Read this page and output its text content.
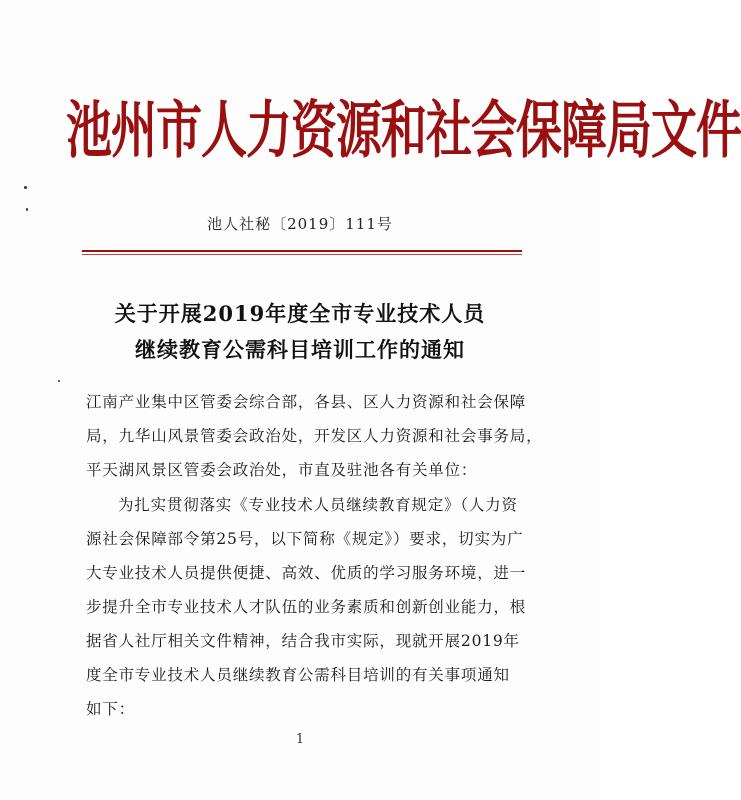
池州市人力资源和社会保障局文件
池人社秘〔2019〕111号
关于开展2019年度全市专业技术人员
继续教育公需科目培训工作的通知
江南产业集中区管委会综合部，各县、区人力资源和社会保障
局，九华山风景管委会政治处，开发区人力资源和社会事务局，
平天湖风景区管委会政治处，市直及驻池各有关单位：
为扎实贯彻落实《专业技术人员继续教育规定》（人力资
源社会保障部令第25号，以下简称《规定》）要求，切实为广
大专业技术人员提供便捷、高效、优质的学习服务环境，进一
步提升全市专业技术人才队伍的业务素质和创新创业能力，根
据省人社厅相关文件精神，结合我市实际，现就开展2019年
度全市专业技术人员继续教育公需科目培训的有关事项通知
如下：
1
